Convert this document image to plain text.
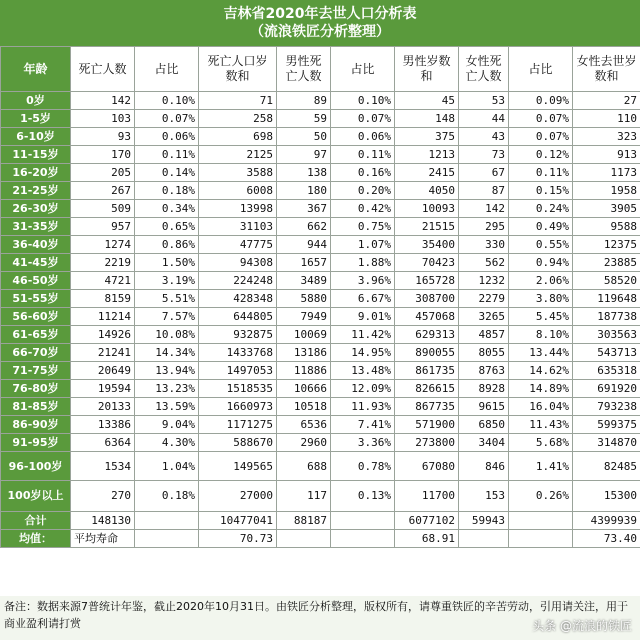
吉林省2020年去世人口分析表
（流浪铁匠分析整理）
年龄	死亡人数	占比	死亡人口岁数和	男性死亡人数	占比	男性岁数和	女性死亡人数	占比	女性去世岁数和
0岁	142	0.10%	71	89	0.10%	45	53	0.09%	27
1-5岁	103	0.07%	258	59	0.07%	148	44	0.07%	110
6-10岁	93	0.06%	698	50	0.06%	375	43	0.07%	323
11-15岁	170	0.11%	2125	97	0.11%	1213	73	0.12%	913
16-20岁	205	0.14%	3588	138	0.16%	2415	67	0.11%	1173
21-25岁	267	0.18%	6008	180	0.20%	4050	87	0.15%	1958
26-30岁	509	0.34%	13998	367	0.42%	10093	142	0.24%	3905
31-35岁	957	0.65%	31103	662	0.75%	21515	295	0.49%	9588
36-40岁	1274	0.86%	47775	944	1.07%	35400	330	0.55%	12375
41-45岁	2219	1.50%	94308	1657	1.88%	70423	562	0.94%	23885
46-50岁	4721	3.19%	224248	3489	3.96%	165728	1232	2.06%	58520
51-55岁	8159	5.51%	428348	5880	6.67%	308700	2279	3.80%	119648
56-60岁	11214	7.57%	644805	7949	9.01%	457068	3265	5.45%	187738
61-65岁	14926	10.08%	932875	10069	11.42%	629313	4857	8.10%	303563
66-70岁	21241	14.34%	1433768	13186	14.95%	890055	8055	13.44%	543713
71-75岁	20649	13.94%	1497053	11886	13.48%	861735	8763	14.62%	635318
76-80岁	19594	13.23%	1518535	10666	12.09%	826615	8928	14.89%	691920
81-85岁	20133	13.59%	1660973	10518	11.93%	867735	9615	16.04%	793238
86-90岁	13386	9.04%	1171275	6536	7.41%	571900	6850	11.43%	599375
91-95岁	6364	4.30%	588670	2960	3.36%	273800	3404	5.68%	314870
96-100岁	1534	1.04%	149565	688	0.78%	67080	846	1.41%	82485
100岁以上	270	0.18%	27000	117	0.13%	11700	153	0.26%	15300
合计	148130		10477041	88187		6077102	59943		4399939
均值：	平均寿命		70.73			68.91			73.40
备注：数据来源7普统计年鉴，截止2020年10月31日。由铁匠分析整理，版权所有，请尊重铁匠的辛苦劳动，引用请关注，用于商业盈利请打赏	头条 @流浪的铁匠
